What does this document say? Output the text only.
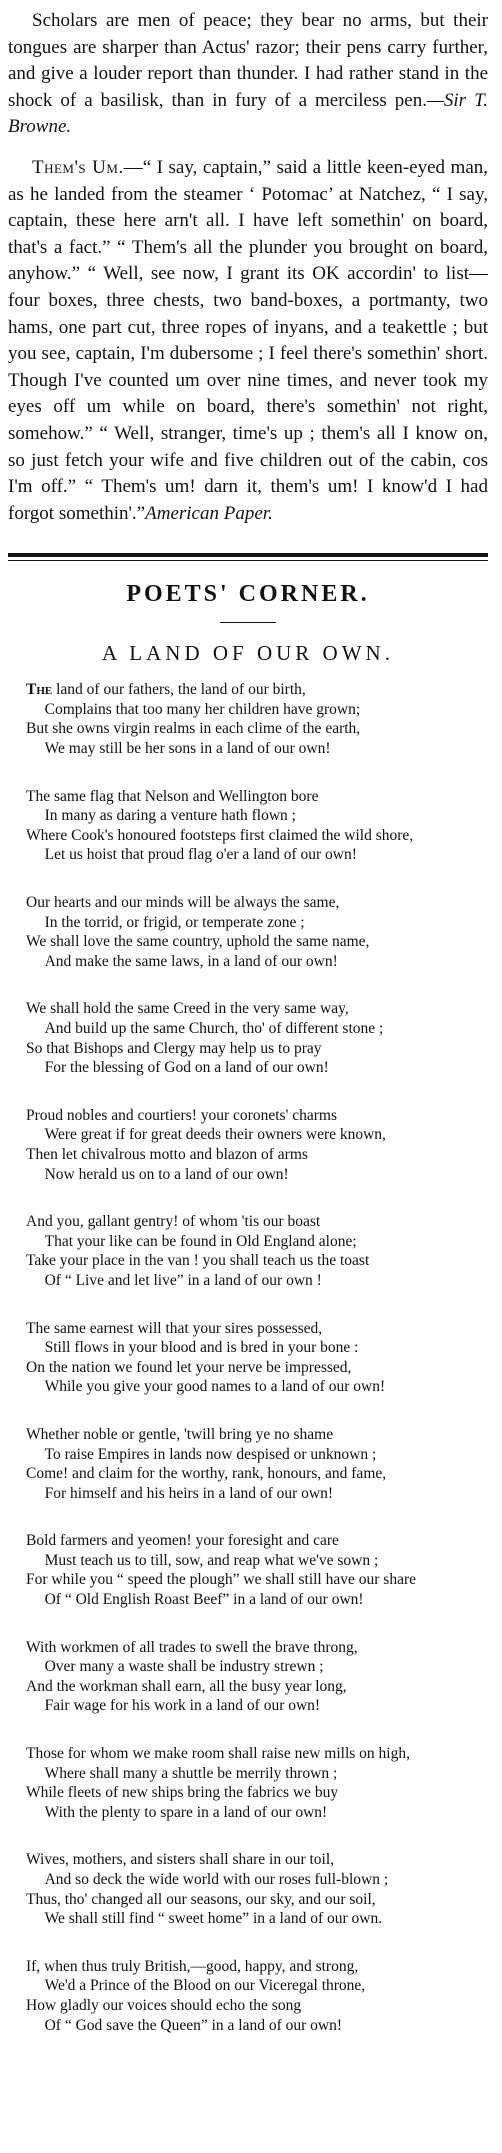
Scholars are men of peace; they bear no arms, but their tongues are sharper than Actus' razor; their pens carry further, and give a louder report than thunder. I had rather stand in the shock of a basilisk, than in fury of a merciless pen.—Sir T. Browne.

Them's Um.—“ I say, captain,” said a little keen-eyed man, as he landed from the steamer ‘ Potomac’ at Natchez, “ I say, captain, these here arn't all. I have left somethin' on board, that's a fact.” “ Them's all the plunder you brought on board, anyhow.” “ Well, see now, I grant its OK accordin' to list—four boxes, three chests, two band-boxes, a portmanty, two hams, one part cut, three ropes of inyans, and a teakettle ; but you see, captain, I'm dubersome ; I feel there's somethin' short. Though I've counted um over nine times, and never took my eyes off um while on board, there's somethin' not right, somehow.” “ Well, stranger, time's up ; them's all I know on, so just fetch your wife and five children out of the cabin, cos I'm off.” “ Them's um! darn it, them's um! I know'd I had forgot somethin'.”American Paper.

POETS' CORNER.
A LAND OF OUR OWN.

The land of our fathers, the land of our birth,

Complains that too many her children have grown;

But she owns virgin realms in each clime of the earth,

We may still be her sons in a land of our own!

The same flag that Nelson and Wellington bore

In many as daring a venture hath flown ;

Where Cook's honoured footsteps first claimed the wild shore,

Let us hoist that proud flag o'er a land of our own!

Our hearts and our minds will be always the same,

In the torrid, or frigid, or temperate zone ;

We shall love the same country, uphold the same name,

And make the same laws, in a land of our own!

We shall hold the same Creed in the very same way,

And build up the same Church, tho' of different stone ;

So that Bishops and Clergy may help us to pray

For the blessing of God on a land of our own!

Proud nobles and courtiers! your coronets' charms

Were great if for great deeds their owners were known,

Then let chivalrous motto and blazon of arms

Now herald us on to a land of our own!

And you, gallant gentry! of whom 'tis our boast

That your like can be found in Old England alone;

Take your place in the van ! you shall teach us the toast

Of “ Live and let live” in a land of our own !

The same earnest will that your sires possessed,

Still flows in your blood and is bred in your bone :

On the nation we found let your nerve be impressed,

While you give your good names to a land of our own!

Whether noble or gentle, 'twill bring ye no shame

To raise Empires in lands now despised or unknown ;

Come! and claim for the worthy, rank, honours, and fame,

For himself and his heirs in a land of our own!

Bold farmers and yeomen! your foresight and care

Must teach us to till, sow, and reap what we've sown ;

For while you “ speed the plough” we shall still have our share

Of “ Old English Roast Beef” in a land of our own!

With workmen of all trades to swell the brave throng,

Over many a waste shall be industry strewn ;

And the workman shall earn, all the busy year long,

Fair wage for his work in a land of our own!

Those for whom we make room shall raise new mills on high,

Where shall many a shuttle be merrily thrown ;

While fleets of new ships bring the fabrics we buy

With the plenty to spare in a land of our own!

Wives, mothers, and sisters shall share in our toil,

And so deck the wide world with our roses full-blown ;

Thus, tho' changed all our seasons, our sky, and our soil,

We shall still find “ sweet home” in a land of our own.

If, when thus truly British,—good, happy, and strong,

We'd a Prince of the Blood on our Viceregal throne,

How gladly our voices should echo the song

Of “ God save the Queen” in a land of our own!
